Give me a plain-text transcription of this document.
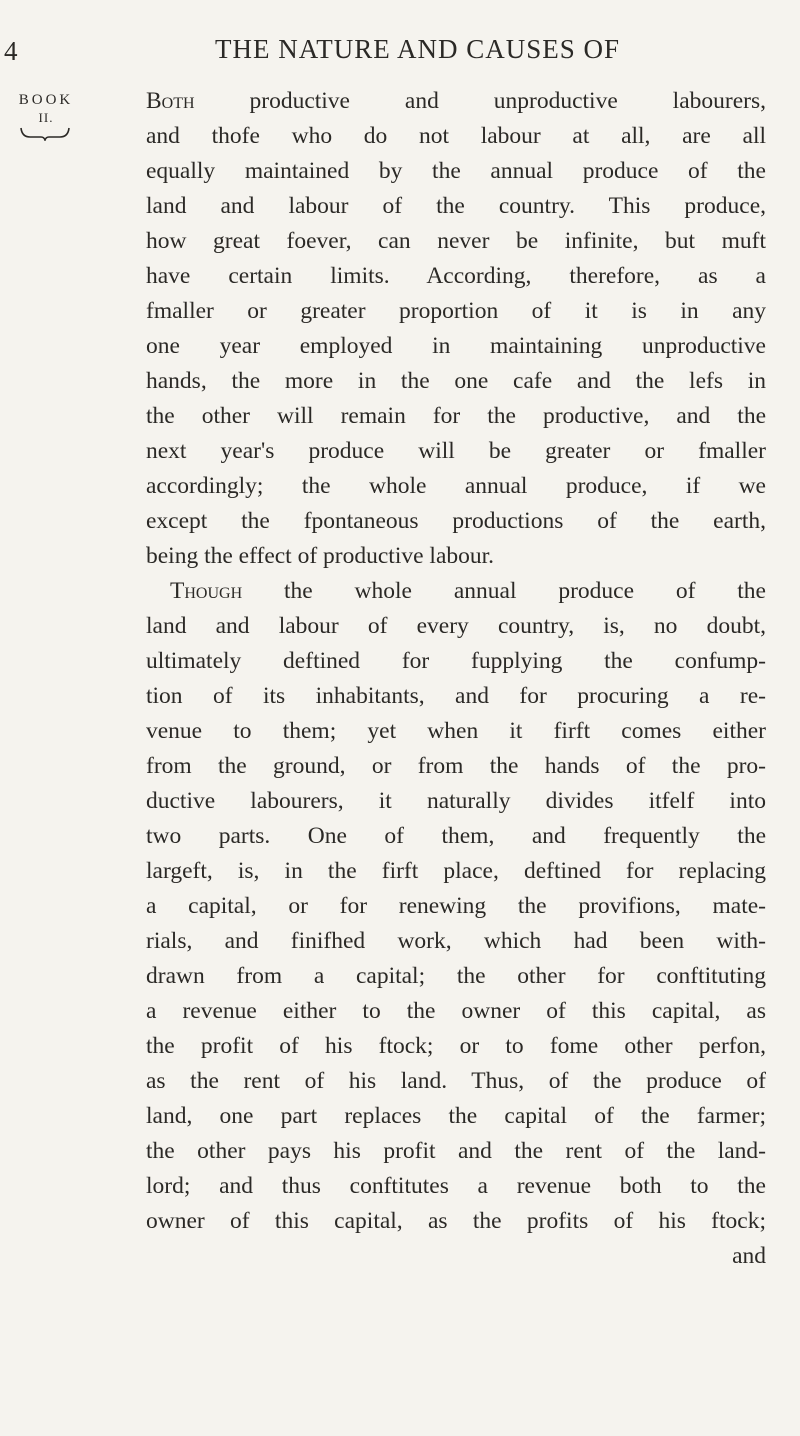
4	THE NATURE AND CAUSES OF
BOOK
II.
Both productive and unproductive labourers,
and thofe who do not labour at all, are all
equally maintained by the annual produce of the
land and labour of the country. This produce,
how great foever, can never be infinite, but muft
have certain limits. According, therefore, as a
fmaller or greater proportion of it is in any
one year employed in maintaining unproductive
hands, the more in the one cafe and the lefs in
the other will remain for the productive, and the
next year's produce will be greater or fmaller
accordingly; the whole annual produce, if we
except the fpontaneous productions of the earth,
being the effect of productive labour.
Though the whole annual produce of the
land and labour of every country, is, no doubt,
ultimately deftined for fupplying the confump-
tion of its inhabitants, and for procuring a re-
venue to them; yet when it firft comes either
from the ground, or from the hands of the pro-
ductive labourers, it naturally divides itfelf into
two parts. One of them, and frequently the
largeft, is, in the firft place, deftined for replacing
a capital, or for renewing the provifions, mate-
rials, and finifhed work, which had been with-
drawn from a capital; the other for conftituting
a revenue either to the owner of this capital, as
the profit of his ftock; or to fome other perfon,
as the rent of his land. Thus, of the produce of
land, one part replaces the capital of the farmer;
the other pays his profit and the rent of the land-
lord; and thus conftitutes a revenue both to the
owner of this capital, as the profits of his ftock;
and
